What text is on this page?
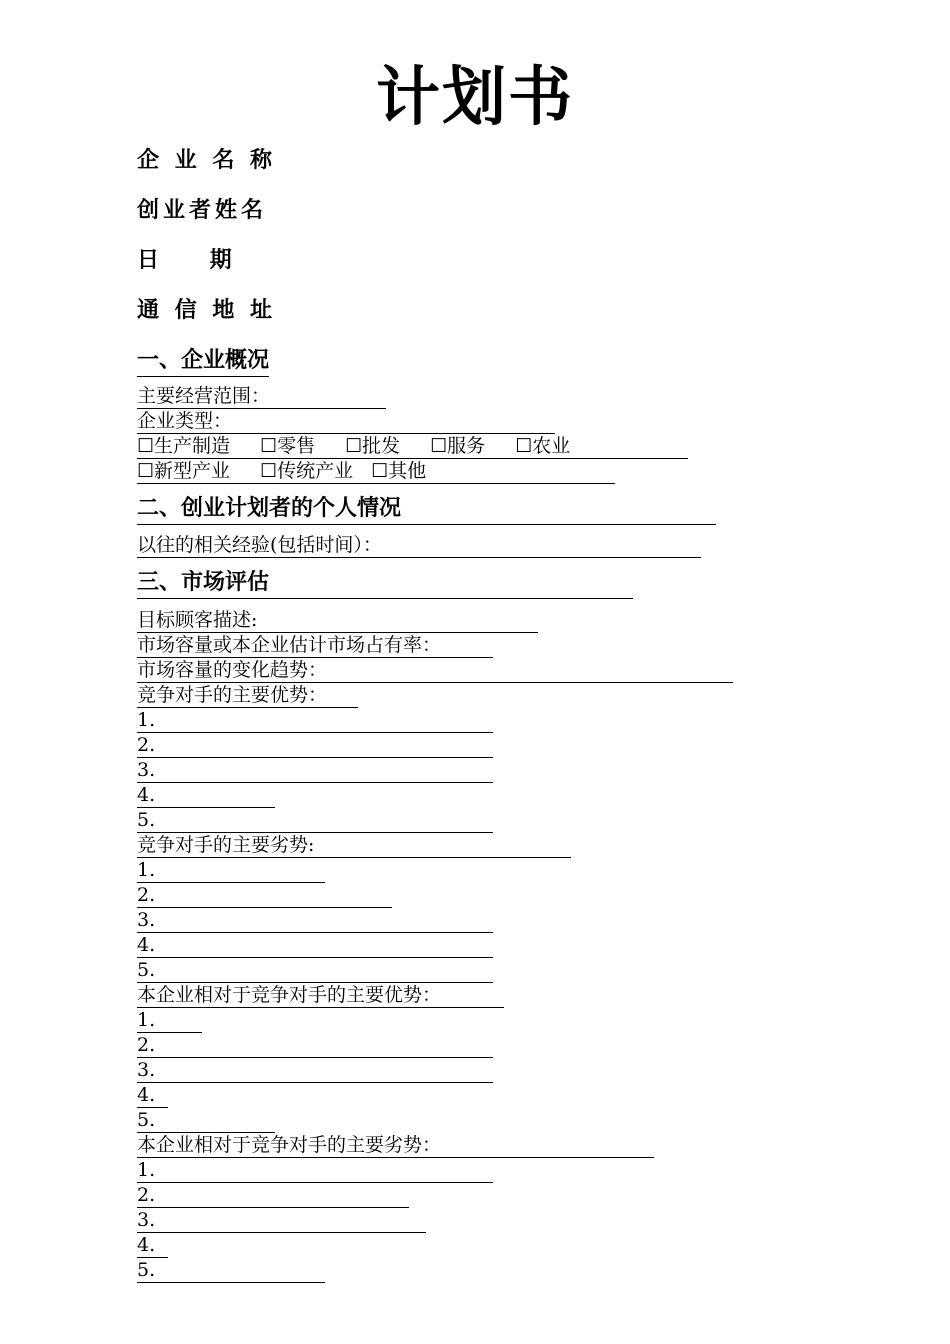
计划书
企 业 名 称
创业者姓名
日    期
通 信 地 址
一、企业概况
主要经营范围：
企业类型：
☐生产制造 ☐零售 ☐批发 ☐服务 ☐农业
☐新型产业 ☐传统产业 ☐其他
二、创业计划者的个人情况
以往的相关经验(包括时间）：
三、市场评估
目标顾客描述:
市场容量或本企业估计市场占有率：
市场容量的变化趋势：
竞争对手的主要优势：
1.
2.
3.
4.
5.
竞争对手的主要劣势:
1.
2.
3.
4.
5.
本企业相对于竞争对手的主要优势：
1.
2.
3.
4.
5.
本企业相对于竞争对手的主要劣势：
1.
2.
3.
4.
5.
